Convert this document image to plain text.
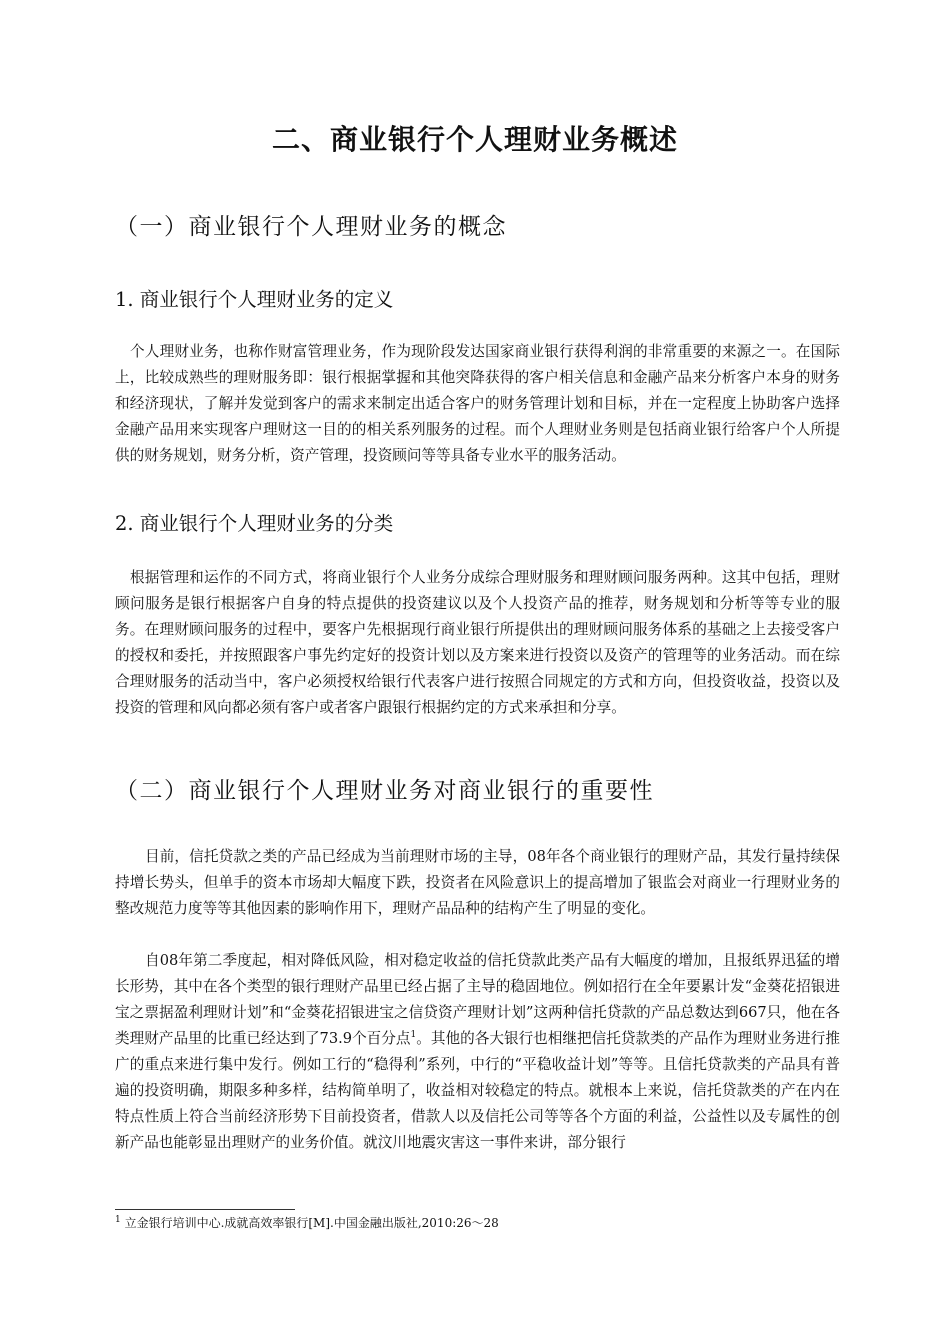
二、商业银行个人理财业务概述
（一）商业银行个人理财业务的概念
1. 商业银行个人理财业务的定义

个人理财业务，也称作财富管理业务，作为现阶段发达国家商业银行获得利润的非常重要的来源之一。在国际上，比较成熟些的理财服务即：银行根据掌握和其他突降获得的客户相关信息和金融产品来分析客户本身的财务和经济现状，了解并发觉到客户的需求来制定出适合客户的财务管理计划和目标，并在一定程度上协助客户选择金融产品用来实现客户理财这一目的的相关系列服务的过程。而个人理财业务则是包括商业银行给客户个人所提供的财务规划，财务分析，资产管理，投资顾问等等具备专业水平的服务活动。

2. 商业银行个人理财业务的分类

根据管理和运作的不同方式，将商业银行个人业务分成综合理财服务和理财顾问服务两种。这其中包括，理财顾问服务是银行根据客户自身的特点提供的投资建议以及个人投资产品的推荐，财务规划和分析等等专业的服务。在理财顾问服务的过程中，要客户先根据现行商业银行所提供出的理财顾问服务体系的基础之上去接受客户的授权和委托，并按照跟客户事先约定好的投资计划以及方案来进行投资以及资产的管理等的业务活动。而在综合理财服务的活动当中，客户必须授权给银行代表客户进行按照合同规定的方式和方向，但投资收益，投资以及投资的管理和风向都必须有客户或者客户跟银行根据约定的方式来承担和分享。

（二）商业银行个人理财业务对商业银行的重要性

目前，信托贷款之类的产品已经成为当前理财市场的主导，08年各个商业银行的理财产品，其发行量持续保持增长势头，但单手的资本市场却大幅度下跌，投资者在风险意识上的提高增加了银监会对商业一行理财业务的整改规范力度等等其他因素的影响作用下，理财产品品种的结构产生了明显的变化。

自08年第二季度起，相对降低风险，相对稳定收益的信托贷款此类产品有大幅度的增加，且报纸界迅猛的增长形势，其中在各个类型的银行理财产品里已经占据了主导的稳固地位。例如招行在全年要累计发“金葵花招银进宝之票据盈利理财计划”和“金葵花招银进宝之信贷资产理财计划”这两种信托贷款的产品总数达到667只，他在各类理财产品里的比重已经达到了73.9个百分点$^1$。其他的各大银行也相继把信托贷款类的产品作为理财业务进行推广的重点来进行集中发行。例如工行的“稳得利”系列，中行的“平稳收益计划”等等。且信托贷款类的产品具有普遍的投资明确，期限多种多样，结构简单明了，收益相对较稳定的特点。就根本上来说，信托贷款类的产在内在特点性质上符合当前经济形势下目前投资者，借款人以及信托公司等等各个方面的利益，公益性以及专属性的创新产品也能彰显出理财产的业务价值。就汶川地震灾害这一事件来讲，部分银行

$^1$ 立金银行培训中心.成就高效率银行[M].中国金融出版社,2010:26～28
